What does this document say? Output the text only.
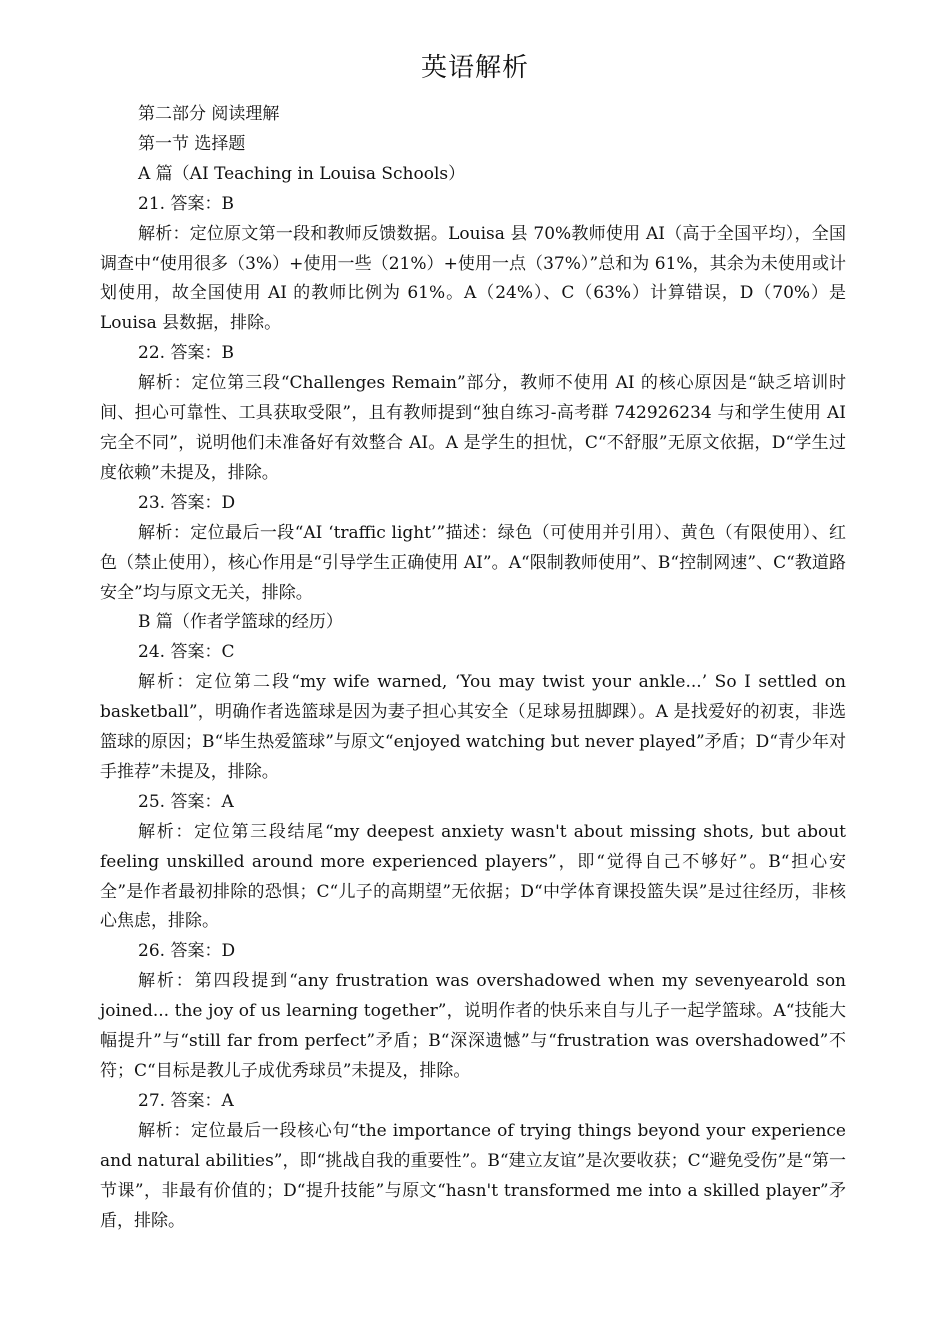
英语解析

第二部分 阅读理解

第一节 选择题

A 篇（AI Teaching in Louisa Schools）

21. 答案：B

解析：定位原文第一段和教师反馈数据。Louisa 县 70%教师使用 AI（高于全国平均），全国调查中“使用很多（3%）+使用一些（21%）+使用一点（37%）”总和为 61%，其余为未使用或计划使用，故全国使用 AI 的教师比例为 61%。A（24%）、C（63%）计算错误，D（70%）是 Louisa 县数据，排除。

22. 答案：B

解析：定位第三段“Challenges Remain”部分，教师不使用 AI 的核心原因是“缺乏培训时间、担心可靠性、工具获取受限”，且有教师提到“独自练习-高考群 742926234 与和学生使用 AI 完全不同”，说明他们未准备好有效整合 AI。A 是学生的担忧，C“不舒服”无原文依据，D“学生过度依赖”未提及，排除。

23. 答案：D

解析：定位最后一段“AI ‘traffic light’”描述：绿色（可使用并引用）、黄色（有限使用）、红色（禁止使用），核心作用是“引导学生正确使用 AI”。A“限制教师使用”、B“控制网速”、C“教道路安全”均与原文无关，排除。

B 篇（作者学篮球的经历）

24. 答案：C

解析：定位第二段“my wife warned, ‘You may twist your ankle...’ So I settled on basketball”，明确作者选篮球是因为妻子担心其安全（足球易扭脚踝）。A 是找爱好的初衷，非选篮球的原因；B“毕生热爱篮球”与原文“enjoyed watching but never played”矛盾；D“青少年对手推荐”未提及，排除。

25. 答案：A

解析：定位第三段结尾“my deepest anxiety wasn't about missing shots, but about feeling unskilled around more experienced players”，即“觉得自己不够好”。B“担心安全”是作者最初排除的恐惧；C“儿子的高期望”无依据；D“中学体育课投篮失误”是过往经历，非核心焦虑，排除。

26. 答案：D

解析：第四段提到“any frustration was overshadowed when my sevenyearold son joined... the joy of us learning together”，说明作者的快乐来自与儿子一起学篮球。A“技能大幅提升”与“still far from perfect”矛盾；B“深深遗憾”与“frustration was overshadowed”不符；C“目标是教儿子成优秀球员”未提及，排除。

27. 答案：A

解析：定位最后一段核心句“the importance of trying things beyond your experience and natural abilities”，即“挑战自我的重要性”。B“建立友谊”是次要收获；C“避免受伤”是“第一节课”，非最有价值的；D“提升技能”与原文“hasn't transformed me into a skilled player”矛盾，排除。
